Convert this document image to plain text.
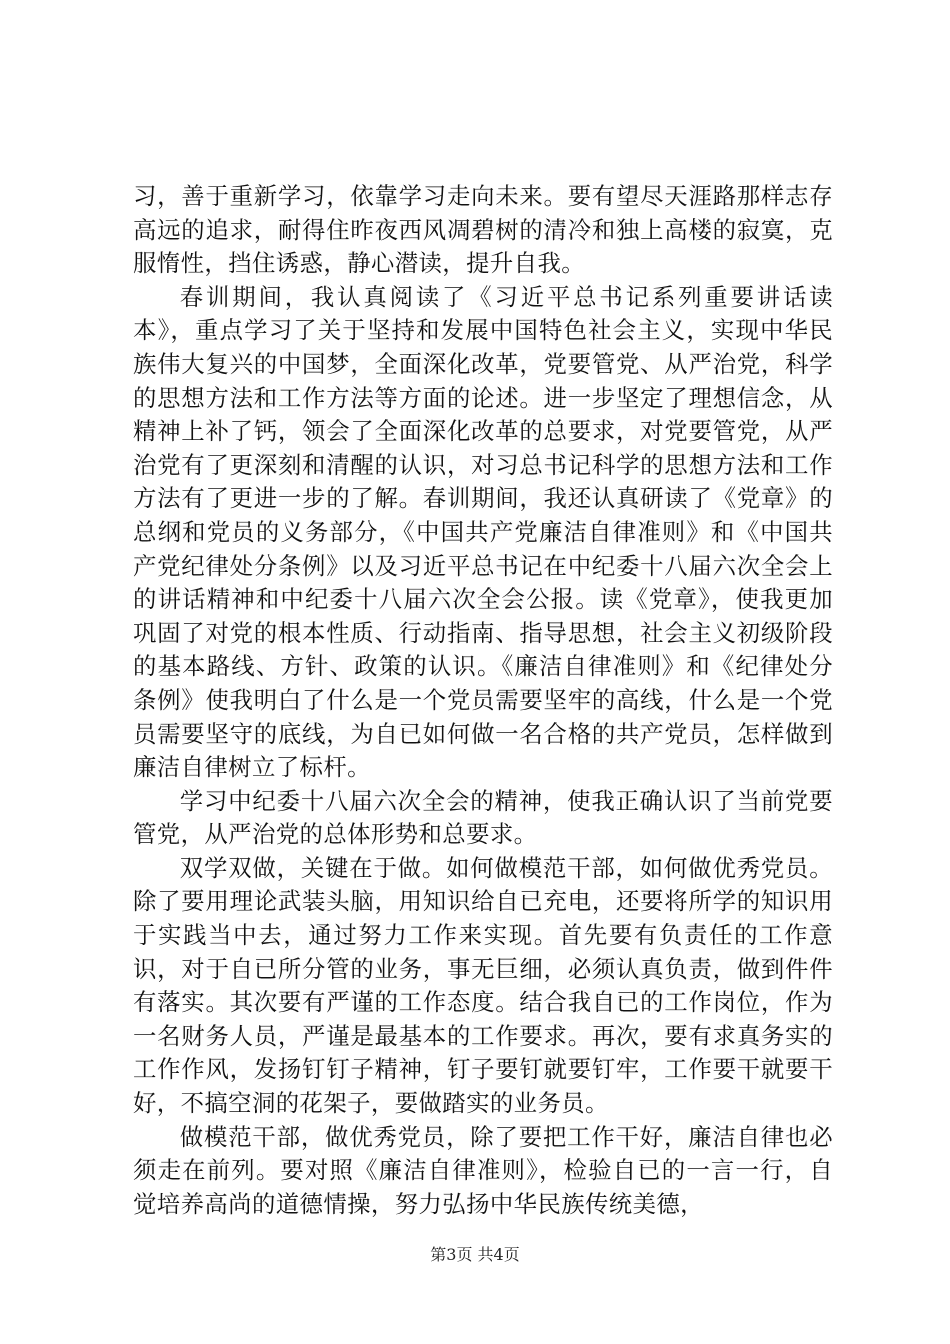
习，善于重新学习，依靠学习走向未来。要有望尽天涯路那样志存高远的追求，耐得住昨夜西风凋碧树的清冷和独上高楼的寂寞，克服惰性，挡住诱惑，静心潜读，提升自我。

春训期间，我认真阅读了《习近平总书记系列重要讲话读本》，重点学习了关于坚持和发展中国特色社会主义，实现中华民族伟大复兴的中国梦，全面深化改革，党要管党、从严治党，科学的思想方法和工作方法等方面的论述。进一步坚定了理想信念，从精神上补了钙，领会了全面深化改革的总要求，对党要管党，从严治党有了更深刻和清醒的认识，对习总书记科学的思想方法和工作方法有了更进一步的了解。春训期间，我还认真研读了《党章》的总纲和党员的义务部分，《中国共产党廉洁自律准则》和《中国共产党纪律处分条例》以及习近平总书记在中纪委十八届六次全会上的讲话精神和中纪委十八届六次全会公报。读《党章》，使我更加巩固了对党的根本性质、行动指南、指导思想，社会主义初级阶段的基本路线、方针、政策的认识。《廉洁自律准则》和《纪律处分条例》使我明白了什么是一个党员需要坚牢的高线，什么是一个党员需要坚守的底线，为自已如何做一名合格的共产党员，怎样做到廉洁自律树立了标杆。

学习中纪委十八届六次全会的精神，使我正确认识了当前党要管党，从严治党的总体形势和总要求。

双学双做，关键在于做。如何做模范干部，如何做优秀党员。除了要用理论武装头脑，用知识给自已充电，还要将所学的知识用于实践当中去，通过努力工作来实现。首先要有负责任的工作意识，对于自已所分管的业务，事无巨细，必须认真负责，做到件件有落实。其次要有严谨的工作态度。结合我自已的工作岗位，作为一名财务人员，严谨是最基本的工作要求。再次，要有求真务实的工作作风，发扬钉钉子精神，钉子要钉就要钉牢，工作要干就要干好，不搞空洞的花架子，要做踏实的业务员。

做模范干部，做优秀党员，除了要把工作干好，廉洁自律也必须走在前列。要对照《廉洁自律准则》，检验自已的一言一行，自觉培养高尚的道德情操，努力弘扬中华民族传统美德，

第3页 共4页
